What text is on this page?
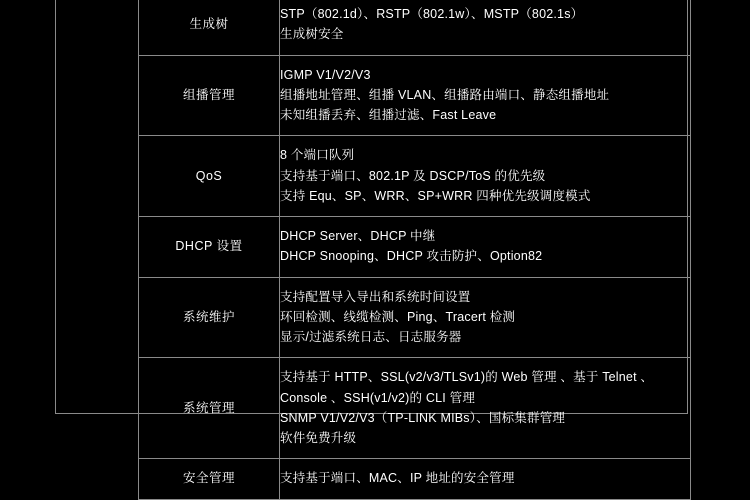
生成树	STP（802.1d）、RSTP（802.1w）、MSTP（802.1s）
生成树安全

组播管理	IGMP V1/V2/V3
组播地址管理、组播 VLAN、组播路由端口、静态组播地址
未知组播丢弃、组播过滤、Fast Leave

QoS	8 个端口队列
支持基于端口、802.1P 及 DSCP/ToS 的优先级
支持 Equ、SP、WRR、SP+WRR 四种优先级调度模式

DHCP 设置	DHCP Server、DHCP 中继
DHCP Snooping、DHCP 攻击防护、Option82

系统维护	支持配置导入导出和系统时间设置
环回检测、线缆检测、Ping、Tracert 检测
显示/过滤系统日志、日志服务器

系统管理	支持基于 HTTP、SSL(v2/v3/TLSv1)的 Web 管理 、基于 Telnet 、
Console 、SSH(v1/v2)的 CLI 管理
SNMP V1/V2/V3（TP-LINK MIBs）、国标集群管理
软件免费升级

安全管理	支持基于端口、MAC、IP 地址的安全管理
